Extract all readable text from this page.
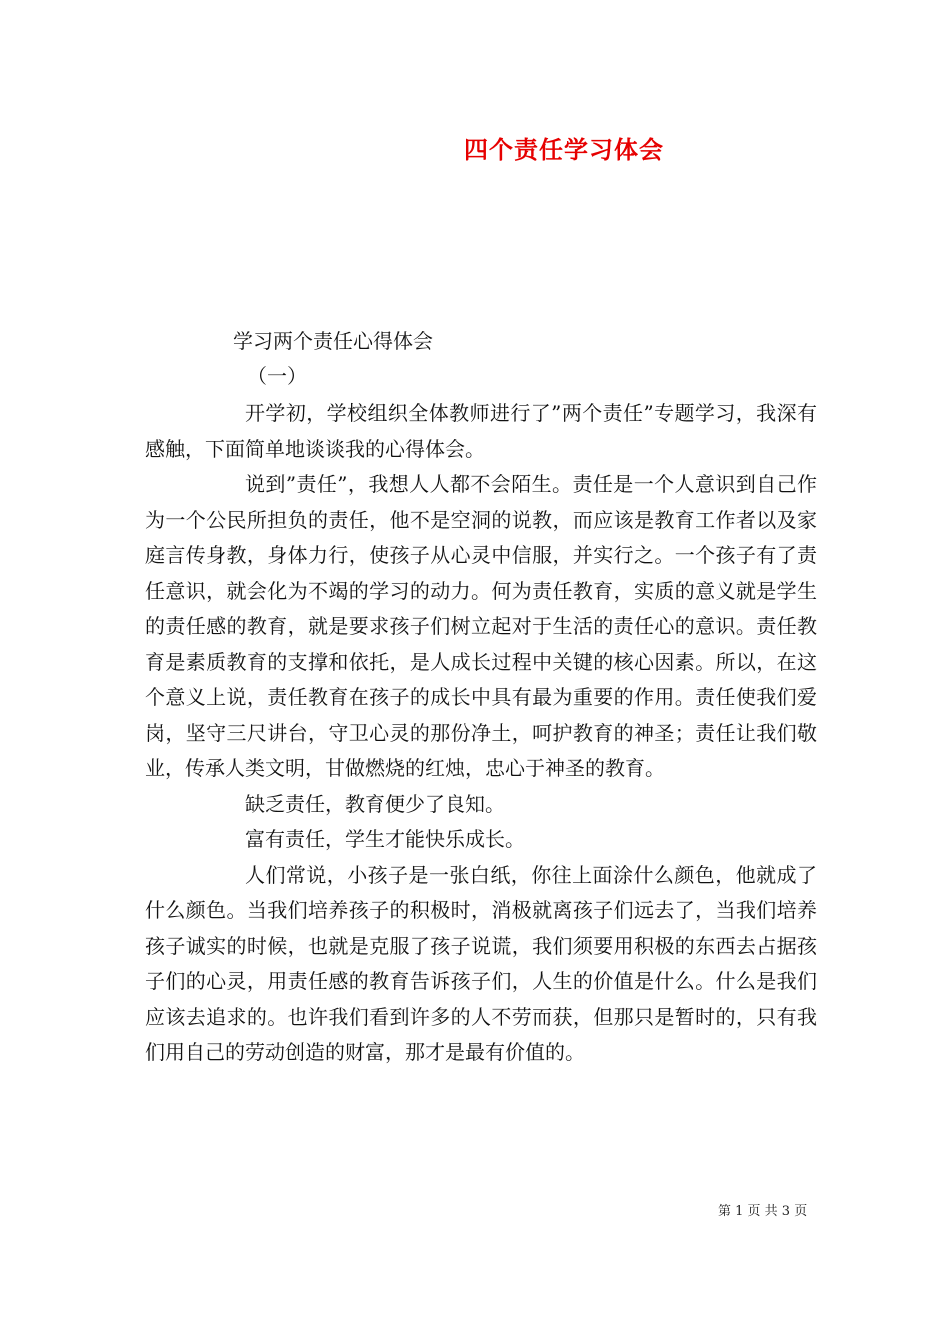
四个责任学习体会
学习两个责任心得体会
（一）

开学初，学校组织全体教师进行了”两个责任”专题学习，我深有感触，下面简单地谈谈我的心得体会。

说到”责任”，我想人人都不会陌生。责任是一个人意识到自己作为一个公民所担负的责任，他不是空洞的说教，而应该是教育工作者以及家庭言传身教，身体力行，使孩子从心灵中信服，并实行之。一个孩子有了责任意识，就会化为不竭的学习的动力。何为责任教育，实质的意义就是学生的责任感的教育，就是要求孩子们树立起对于生活的责任心的意识。责任教育是素质教育的支撑和依托，是人成长过程中关键的核心因素。所以，在这个意义上说，责任教育在孩子的成长中具有最为重要的作用。责任使我们爱岗，坚守三尺讲台，守卫心灵的那份净土，呵护教育的神圣；责任让我们敬业，传承人类文明，甘做燃烧的红烛，忠心于神圣的教育。

缺乏责任，教育便少了良知。

富有责任，学生才能快乐成长。

人们常说，小孩子是一张白纸，你往上面涂什么颜色，他就成了什么颜色。当我们培养孩子的积极时，消极就离孩子们远去了，当我们培养孩子诚实的时候，也就是克服了孩子说谎，我们须要用积极的东西去占据孩子们的心灵，用责任感的教育告诉孩子们，人生的价值是什么。什么是我们应该去追求的。也许我们看到许多的人不劳而获，但那只是暂时的，只有我们用自己的劳动创造的财富，那才是最有价值的。

第 1 页 共 3 页
